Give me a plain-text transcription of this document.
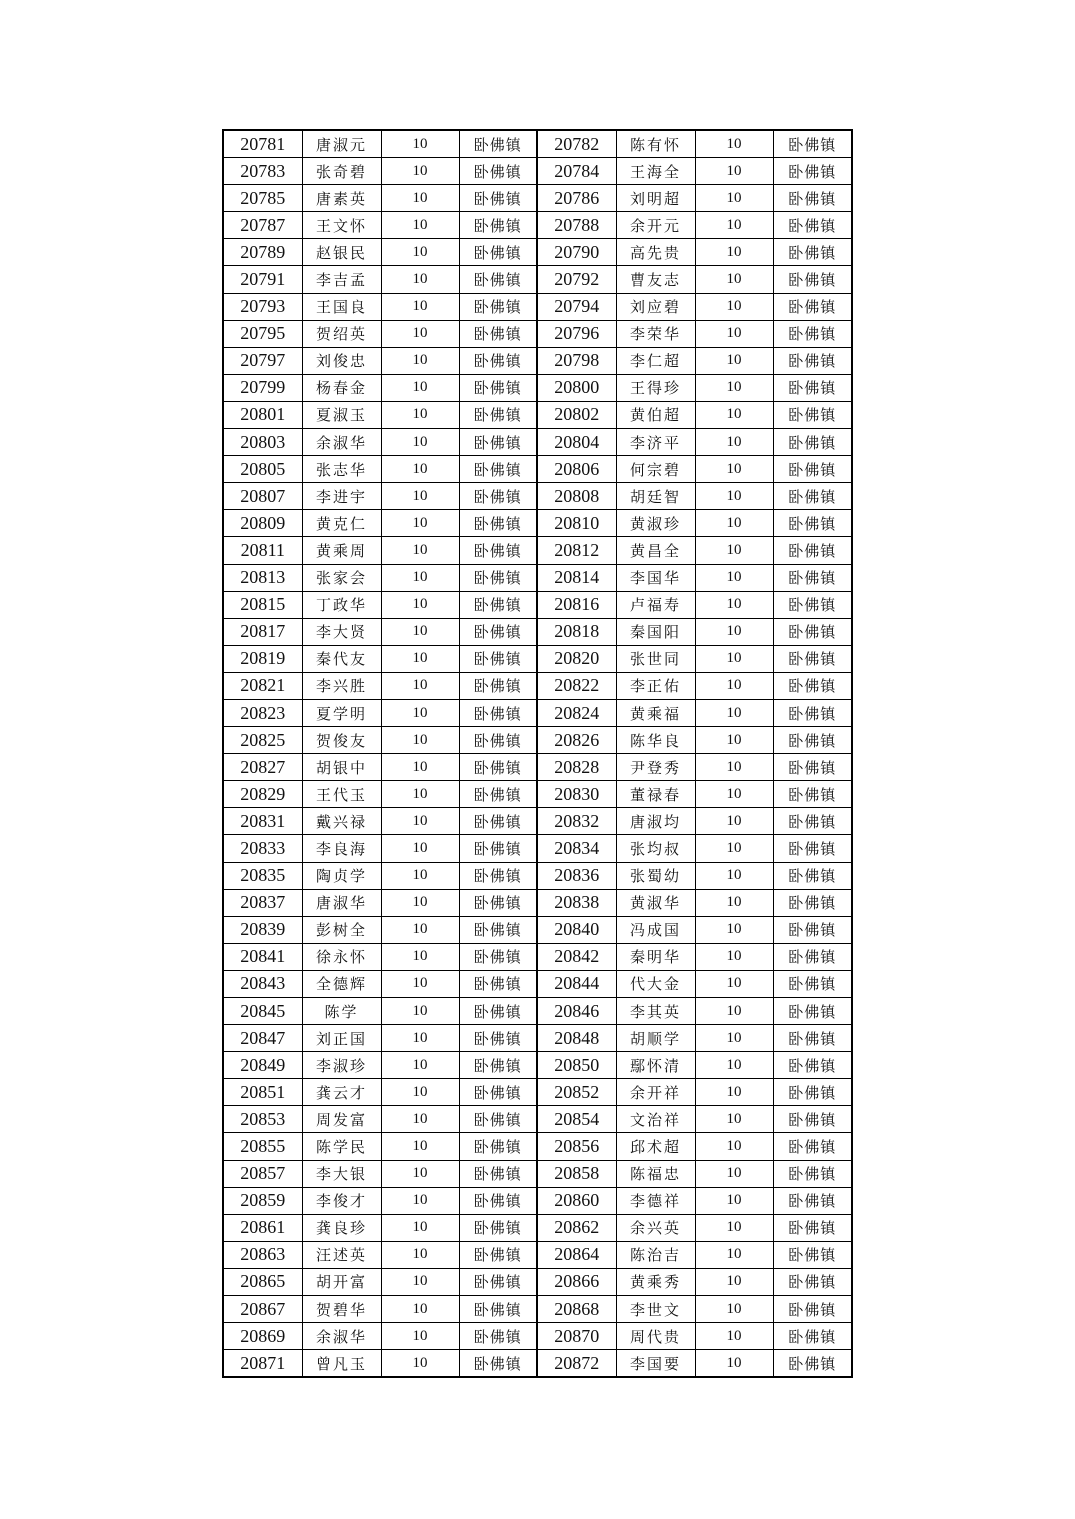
20781	唐淑元	10	卧佛镇	20782	陈有怀	10	卧佛镇
20783	张奇碧	10	卧佛镇	20784	王海全	10	卧佛镇
20785	唐素英	10	卧佛镇	20786	刘明超	10	卧佛镇
20787	王文怀	10	卧佛镇	20788	余开元	10	卧佛镇
20789	赵银民	10	卧佛镇	20790	高先贵	10	卧佛镇
20791	李吉孟	10	卧佛镇	20792	曹友志	10	卧佛镇
20793	王国良	10	卧佛镇	20794	刘应碧	10	卧佛镇
20795	贺绍英	10	卧佛镇	20796	李荣华	10	卧佛镇
20797	刘俊忠	10	卧佛镇	20798	李仁超	10	卧佛镇
20799	杨春金	10	卧佛镇	20800	王得珍	10	卧佛镇
20801	夏淑玉	10	卧佛镇	20802	黄伯超	10	卧佛镇
20803	余淑华	10	卧佛镇	20804	李济平	10	卧佛镇
20805	张志华	10	卧佛镇	20806	何宗碧	10	卧佛镇
20807	李进宇	10	卧佛镇	20808	胡廷智	10	卧佛镇
20809	黄克仁	10	卧佛镇	20810	黄淑珍	10	卧佛镇
20811	黄乘周	10	卧佛镇	20812	黄昌全	10	卧佛镇
20813	张家会	10	卧佛镇	20814	李国华	10	卧佛镇
20815	丁政华	10	卧佛镇	20816	卢福寿	10	卧佛镇
20817	李大贤	10	卧佛镇	20818	秦国阳	10	卧佛镇
20819	秦代友	10	卧佛镇	20820	张世同	10	卧佛镇
20821	李兴胜	10	卧佛镇	20822	李正佑	10	卧佛镇
20823	夏学明	10	卧佛镇	20824	黄乘福	10	卧佛镇
20825	贺俊友	10	卧佛镇	20826	陈华良	10	卧佛镇
20827	胡银中	10	卧佛镇	20828	尹登秀	10	卧佛镇
20829	王代玉	10	卧佛镇	20830	董禄春	10	卧佛镇
20831	戴兴禄	10	卧佛镇	20832	唐淑均	10	卧佛镇
20833	李良海	10	卧佛镇	20834	张均叔	10	卧佛镇
20835	陶贞学	10	卧佛镇	20836	张蜀幼	10	卧佛镇
20837	唐淑华	10	卧佛镇	20838	黄淑华	10	卧佛镇
20839	彭树全	10	卧佛镇	20840	冯成国	10	卧佛镇
20841	徐永怀	10	卧佛镇	20842	秦明华	10	卧佛镇
20843	全德辉	10	卧佛镇	20844	代大金	10	卧佛镇
20845	陈学	10	卧佛镇	20846	李其英	10	卧佛镇
20847	刘正国	10	卧佛镇	20848	胡顺学	10	卧佛镇
20849	李淑珍	10	卧佛镇	20850	鄢怀清	10	卧佛镇
20851	龚云才	10	卧佛镇	20852	余开祥	10	卧佛镇
20853	周发富	10	卧佛镇	20854	文治祥	10	卧佛镇
20855	陈学民	10	卧佛镇	20856	邱术超	10	卧佛镇
20857	李大银	10	卧佛镇	20858	陈福忠	10	卧佛镇
20859	李俊才	10	卧佛镇	20860	李德祥	10	卧佛镇
20861	龚良珍	10	卧佛镇	20862	余兴英	10	卧佛镇
20863	汪述英	10	卧佛镇	20864	陈治吉	10	卧佛镇
20865	胡开富	10	卧佛镇	20866	黄乘秀	10	卧佛镇
20867	贺碧华	10	卧佛镇	20868	李世文	10	卧佛镇
20869	余淑华	10	卧佛镇	20870	周代贵	10	卧佛镇
20871	曾凡玉	10	卧佛镇	20872	李国要	10	卧佛镇
